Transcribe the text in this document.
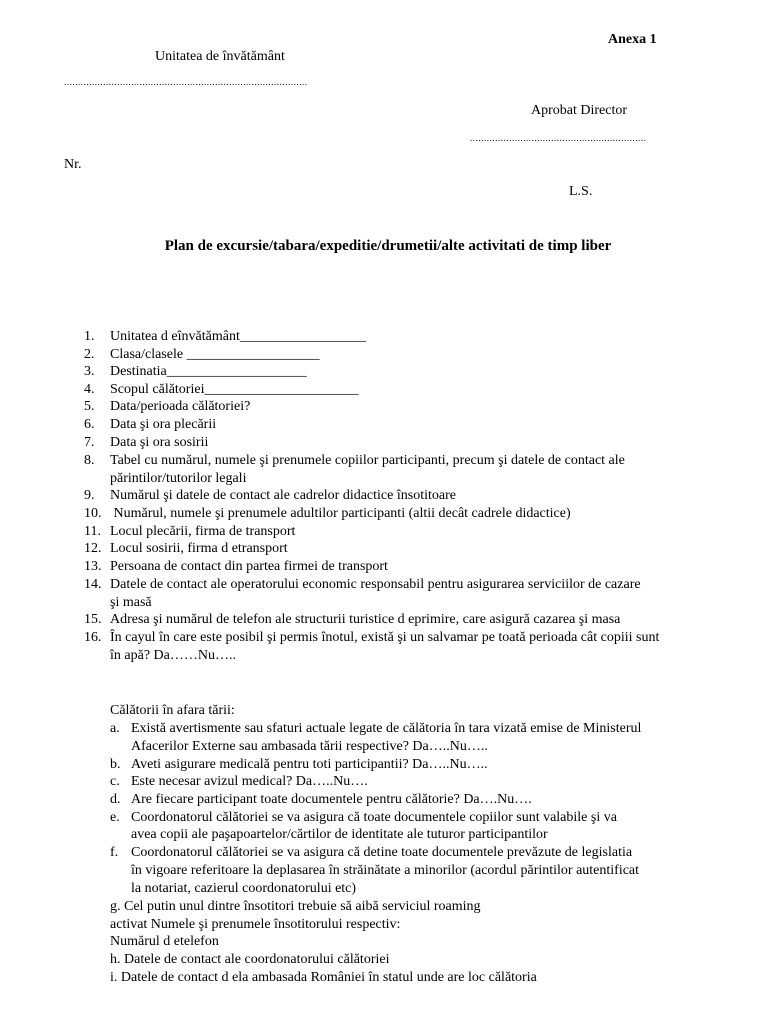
Anexa 1
Unitatea de învătământ
.......................................................................................
Aprobat Director
...............................................................
Nr.
L.S.
Plan de excursie/tabara/expeditie/drumetii/alte activitati de timp liber
1. Unitatea d eînvătământ__________________
2. Clasa/clasele ___________________
3. Destinatia____________________
4. Scopul călătoriei______________________
5. Data/perioada călătoriei?
6. Data şi ora plecării
7. Data şi ora sosirii
8. Tabel cu numărul, numele şi prenumele copiilor participanti, precum şi datele de contact ale
părintilor/tutorilor legali
9. Numărul şi datele de contact ale cadrelor didactice însotitoare
10. Numărul, numele şi prenumele adultilor participanti (altii decât cadrele didactice)
11. Locul plecării, firma de transport
12. Locul sosirii, firma d etransport
13. Persoana de contact din partea firmei de transport
14. Datele de contact ale operatorului economic responsabil pentru asigurarea serviciilor de cazare
şi masă
15. Adresa şi numărul de telefon ale structurii turistice d eprimire, care asigură cazarea şi masa
16. În cayul în care este posibil şi permis înotul, există şi un salvamar pe toată perioada cât copiii sunt
în apă? Da……Nu…..
Călătorii în afara tării:
a. Există avertismente sau sfaturi actuale legate de călătoria în tara vizată emise de Ministerul
Afacerilor Externe sau ambasada tării respective? Da…..Nu…..
b. Aveti asigurare medicală pentru toti participantii? Da…..Nu…..
c. Este necesar avizul medical? Da…..Nu….
d. Are fiecare participant toate documentele pentru călătorie? Da….Nu….
e. Coordonatorul călătoriei se va asigura că toate documentele copiilor sunt valabile şi va
avea copii ale paşapoartelor/cărtilor de identitate ale tuturor participantilor
f. Coordonatorul călătoriei se va asigura că detine toate documentele prevăzute de legislatia
în vigoare referitoare la deplasarea în străinătate a minorilor (acordul părintilor autentificat
la notariat, cazierul coordonatorului etc)
g. Cel putin unul dintre însotitori trebuie să aibă serviciul roaming
activat Numele şi prenumele însotitorului respectiv:
Numărul d etelefon
h. Datele de contact ale coordonatorului călătoriei
i. Datele de contact d ela ambasada României în statul unde are loc călătoria
